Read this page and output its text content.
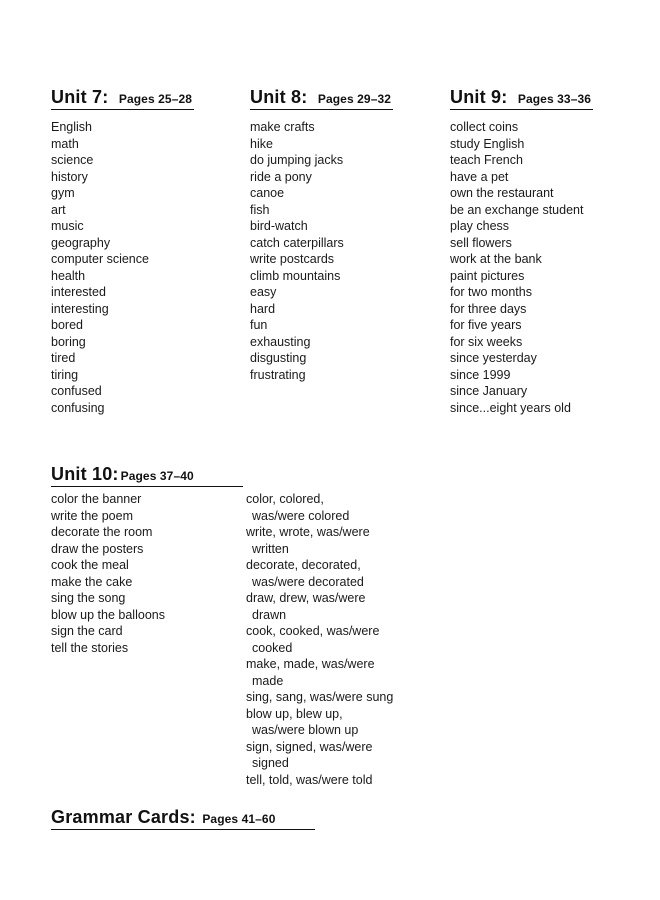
Unit 7: Pages 25–28
English
math
science
history
gym
art
music
geography
computer science
health
interested
interesting
bored
boring
tired
tiring
confused
confusing
Unit 8: Pages 29–32
make crafts
hike
do jumping jacks
ride a pony
canoe
fish
bird-watch
catch caterpillars
write postcards
climb mountains
easy
hard
fun
exhausting
disgusting
frustrating
Unit 9: Pages 33–36
collect coins
study English
teach French
have a pet
own the restaurant
be an exchange student
play chess
sell flowers
work at the bank
paint pictures
for two months
for three days
for five years
for six weeks
since yesterday
since 1999
since January
since...eight years old
Unit 10: Pages 37–40
color the banner
write the poem
decorate the room
draw the posters
cook the meal
make the cake
sing the song
blow up the balloons
sign the card
tell the stories
color, colored,
was/were colored
write, wrote, was/were
written
decorate, decorated,
was/were decorated
draw, drew, was/were
drawn
cook, cooked, was/were
cooked
make, made, was/were
made
sing, sang, was/were sung
blow up, blew up,
was/were blown up
sign, signed, was/were
signed
tell, told, was/were told
Grammar Cards: Pages 41–60
